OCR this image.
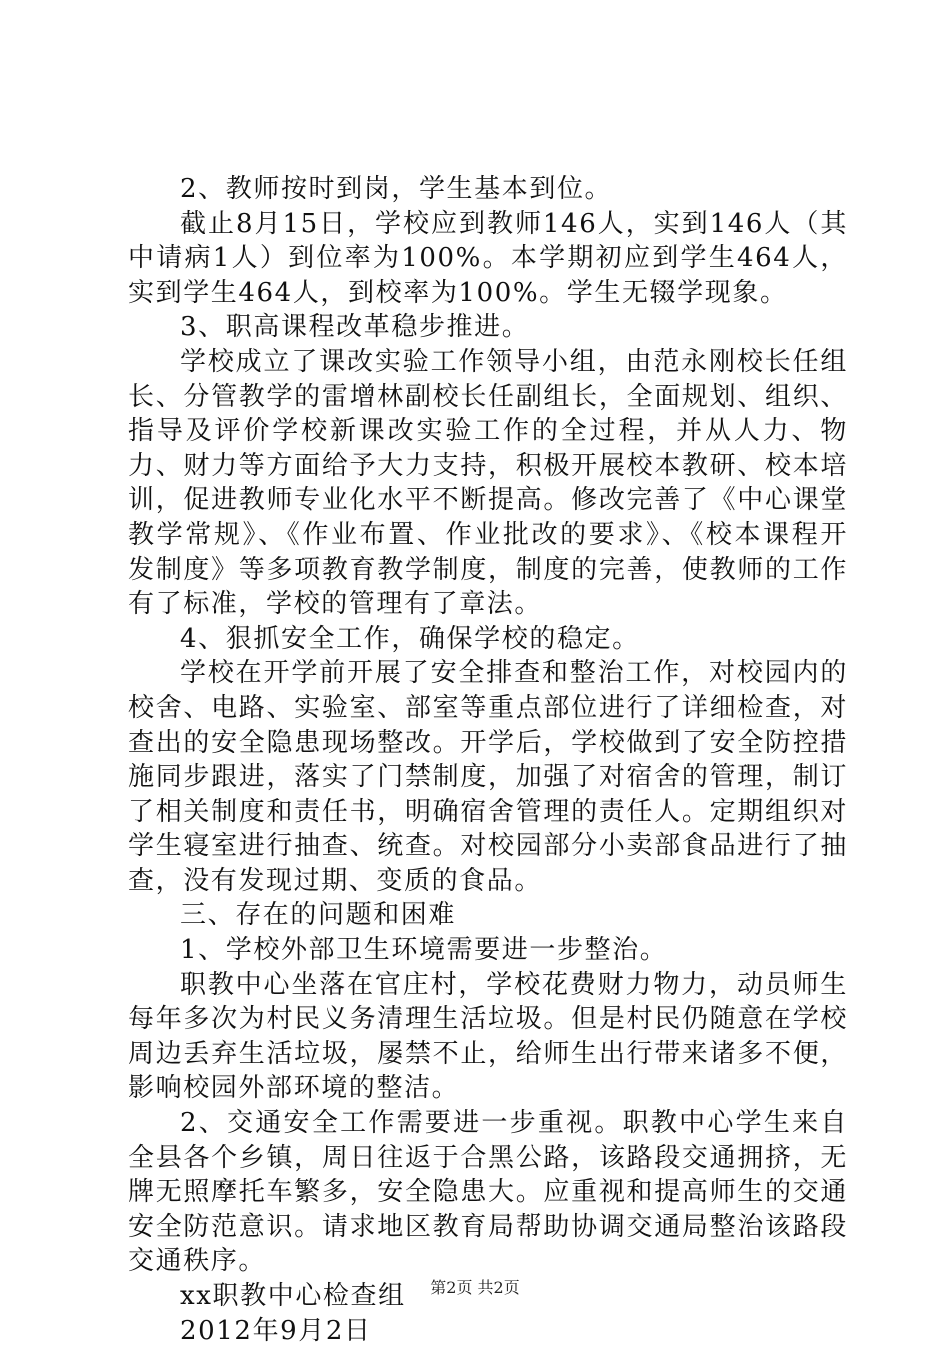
2、教师按时到岗，学生基本到位。

截止8月15日，学校应到教师146人，实到146人（其中请病1人）到位率为100%。本学期初应到学生464人，实到学生464人，到校率为100%。学生无辍学现象。

3、职高课程改革稳步推进。

学校成立了课改实验工作领导小组，由范永刚校长任组长、分管教学的雷增林副校长任副组长，全面规划、组织、指导及评价学校新课改实验工作的全过程，并从人力、物力、财力等方面给予大力支持，积极开展校本教研、校本培训，促进教师专业化水平不断提高。修改完善了《中心课堂教学常规》、《作业布置、作业批改的要求》、《校本课程开发制度》等多项教育教学制度，制度的完善，使教师的工作有了标准，学校的管理有了章法。

4、狠抓安全工作，确保学校的稳定。

学校在开学前开展了安全排查和整治工作，对校园内的校舍、电路、实验室、部室等重点部位进行了详细检查，对查出的安全隐患现场整改。开学后，学校做到了安全防控措施同步跟进，落实了门禁制度，加强了对宿舍的管理，制订了相关制度和责任书，明确宿舍管理的责任人。定期组织对学生寝室进行抽查、统查。对校园部分小卖部食品进行了抽查，没有发现过期、变质的食品。

三、存在的问题和困难

1、学校外部卫生环境需要进一步整治。

职教中心坐落在官庄村，学校花费财力物力，动员师生每年多次为村民义务清理生活垃圾。但是村民仍随意在学校周边丢弃生活垃圾，屡禁不止，给师生出行带来诸多不便，影响校园外部环境的整洁。

2、交通安全工作需要进一步重视。职教中心学生来自全县各个乡镇，周日往返于合黑公路，该路段交通拥挤，无牌无照摩托车繁多，安全隐患大。应重视和提高师生的交通安全防范意识。请求地区教育局帮助协调交通局整治该路段交通秩序。

xx职教中心检查组

2012年9月2日

第2页 共2页
